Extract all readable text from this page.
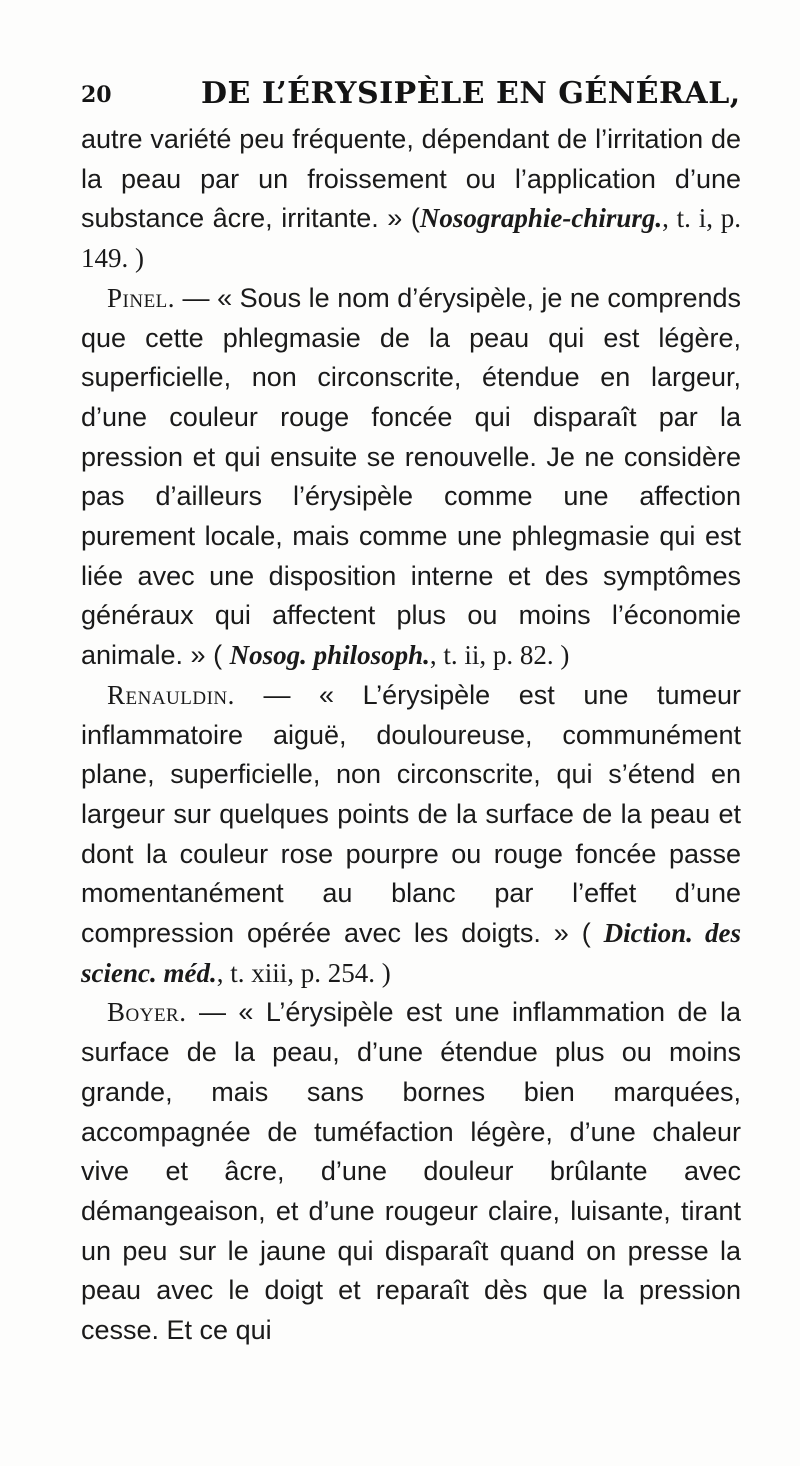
20	DE L’ÉRYSIPÈLE EN GÉNÉRAL,

autre variété peu fréquente, dépendant de l’irritation de la peau par un froissement ou l’application d’une substance âcre, irritante. » (Nosographie-chirurg., t. i, p. 149. )

Pinel. — « Sous le nom d’érysipèle, je ne comprends que cette phlegmasie de la peau qui est légère, superficielle, non circonscrite, étendue en largeur, d’une couleur rouge foncée qui disparaît par la pression et qui ensuite se renouvelle. Je ne considère pas d’ailleurs l’érysipèle comme une affection purement locale, mais comme une phlegmasie qui est liée avec une disposition interne et des symptômes généraux qui affectent plus ou moins l’économie animale. » ( Nosog. philosoph., t. ii, p. 82. )

Renauldin. — « L’érysipèle est une tumeur inflammatoire aiguë, douloureuse, communément plane, superficielle, non circonscrite, qui s’étend en largeur sur quelques points de la surface de la peau et dont la couleur rose pourpre ou rouge foncée passe momentanément au blanc par l’effet d’une compression opérée avec les doigts. » ( Diction. des scienc. méd., t. xiii, p. 254. )

Boyer. — « L’érysipèle est une inflammation de la surface de la peau, d’une étendue plus ou moins grande, mais sans bornes bien marquées, accompagnée de tuméfaction légère, d’une chaleur vive et âcre, d’une douleur brûlante avec démangeaison, et d’une rougeur claire, luisante, tirant un peu sur le jaune qui disparaît quand on presse la peau avec le doigt et reparaît dès que la pression cesse. Et ce qui
